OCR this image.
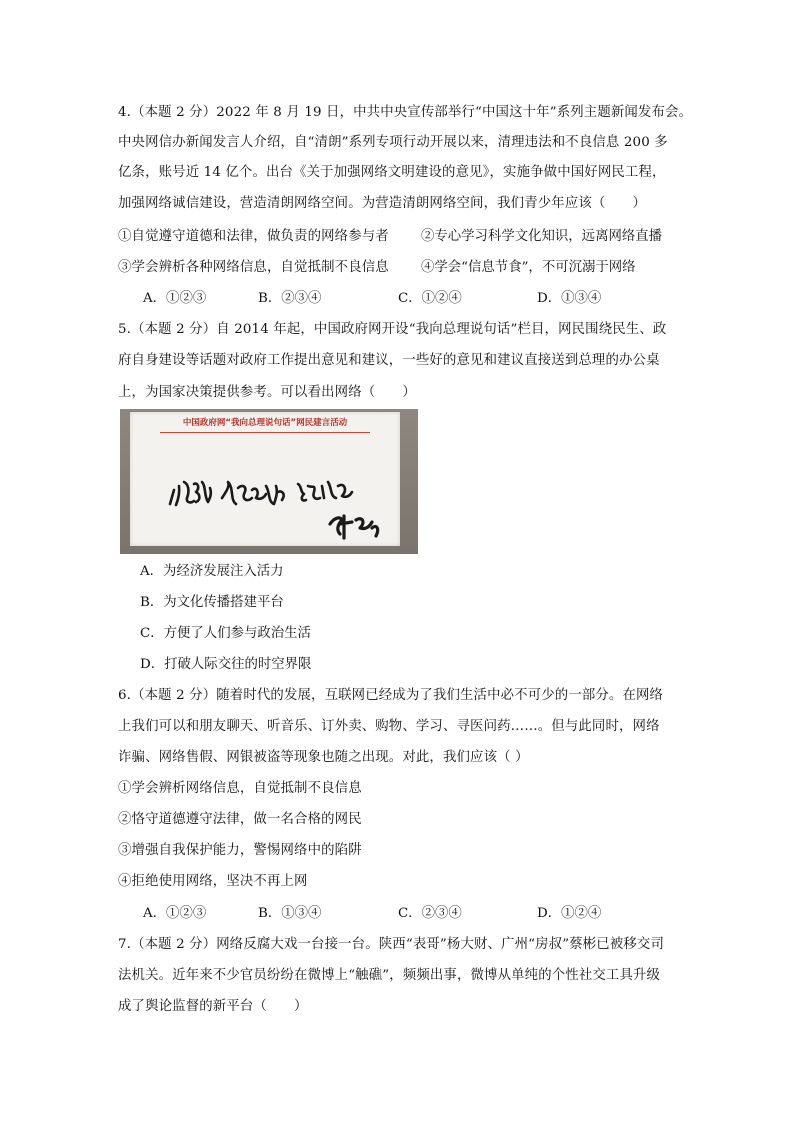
4.（本题 2 分）2022 年 8 月 19 日，中共中央宣传部举行“中国这十年”系列主题新闻发布会。
中央网信办新闻发言人介绍，自“清朗”系列专项行动开展以来，清理违法和不良信息 200 多
亿条，账号近 14 亿个。出台《关于加强网络文明建设的意见》，实施争做中国好网民工程，
加强网络诚信建设，营造清朗网络空间。为营造清朗网络空间，我们青少年应该（　　）
①自觉遵守道德和法律，做负责的网络参与者 ②专心学习科学文化知识，远离网络直播
③学会辨析各种网络信息，自觉抵制不良信息 ④学会“信息节食”，不可沉溺于网络
A．①②③	B．②③④	C．①②④	D．①③④
5.（本题 2 分）自 2014 年起，中国政府网开设“我向总理说句话”栏目，网民围绕民生、政
府自身建设等话题对政府工作提出意见和建议，一些好的意见和建议直接送到总理的办公桌
上，为国家决策提供参考。可以看出网络（　　）
中国政府网“我向总理说句话”网民建言活动
A．为经济发展注入活力
B．为文化传播搭建平台
C．方便了人们参与政治生活
D．打破人际交往的时空界限
6.（本题 2 分）随着时代的发展，互联网已经成为了我们生活中必不可少的一部分。在网络
上我们可以和朋友聊天、听音乐、订外卖、购物、学习、寻医问药……。但与此同时，网络
诈骗、网络售假、网银被盗等现象也随之出现。对此，我们应该（ ）
①学会辨析网络信息，自觉抵制不良信息
②恪守道德遵守法律，做一名合格的网民
③增强自我保护能力，警惕网络中的陷阱
④拒绝使用网络，坚决不再上网
A．①②③	B．①③④	C．②③④	D．①②④
7.（本题 2 分）网络反腐大戏一台接一台。陕西“表哥”杨大财、广州“房叔”蔡彬已被移交司
法机关。近年来不少官员纷纷在微博上“触礁”，频频出事，微博从单纯的个性社交工具升级
成了舆论监督的新平台（　　）
